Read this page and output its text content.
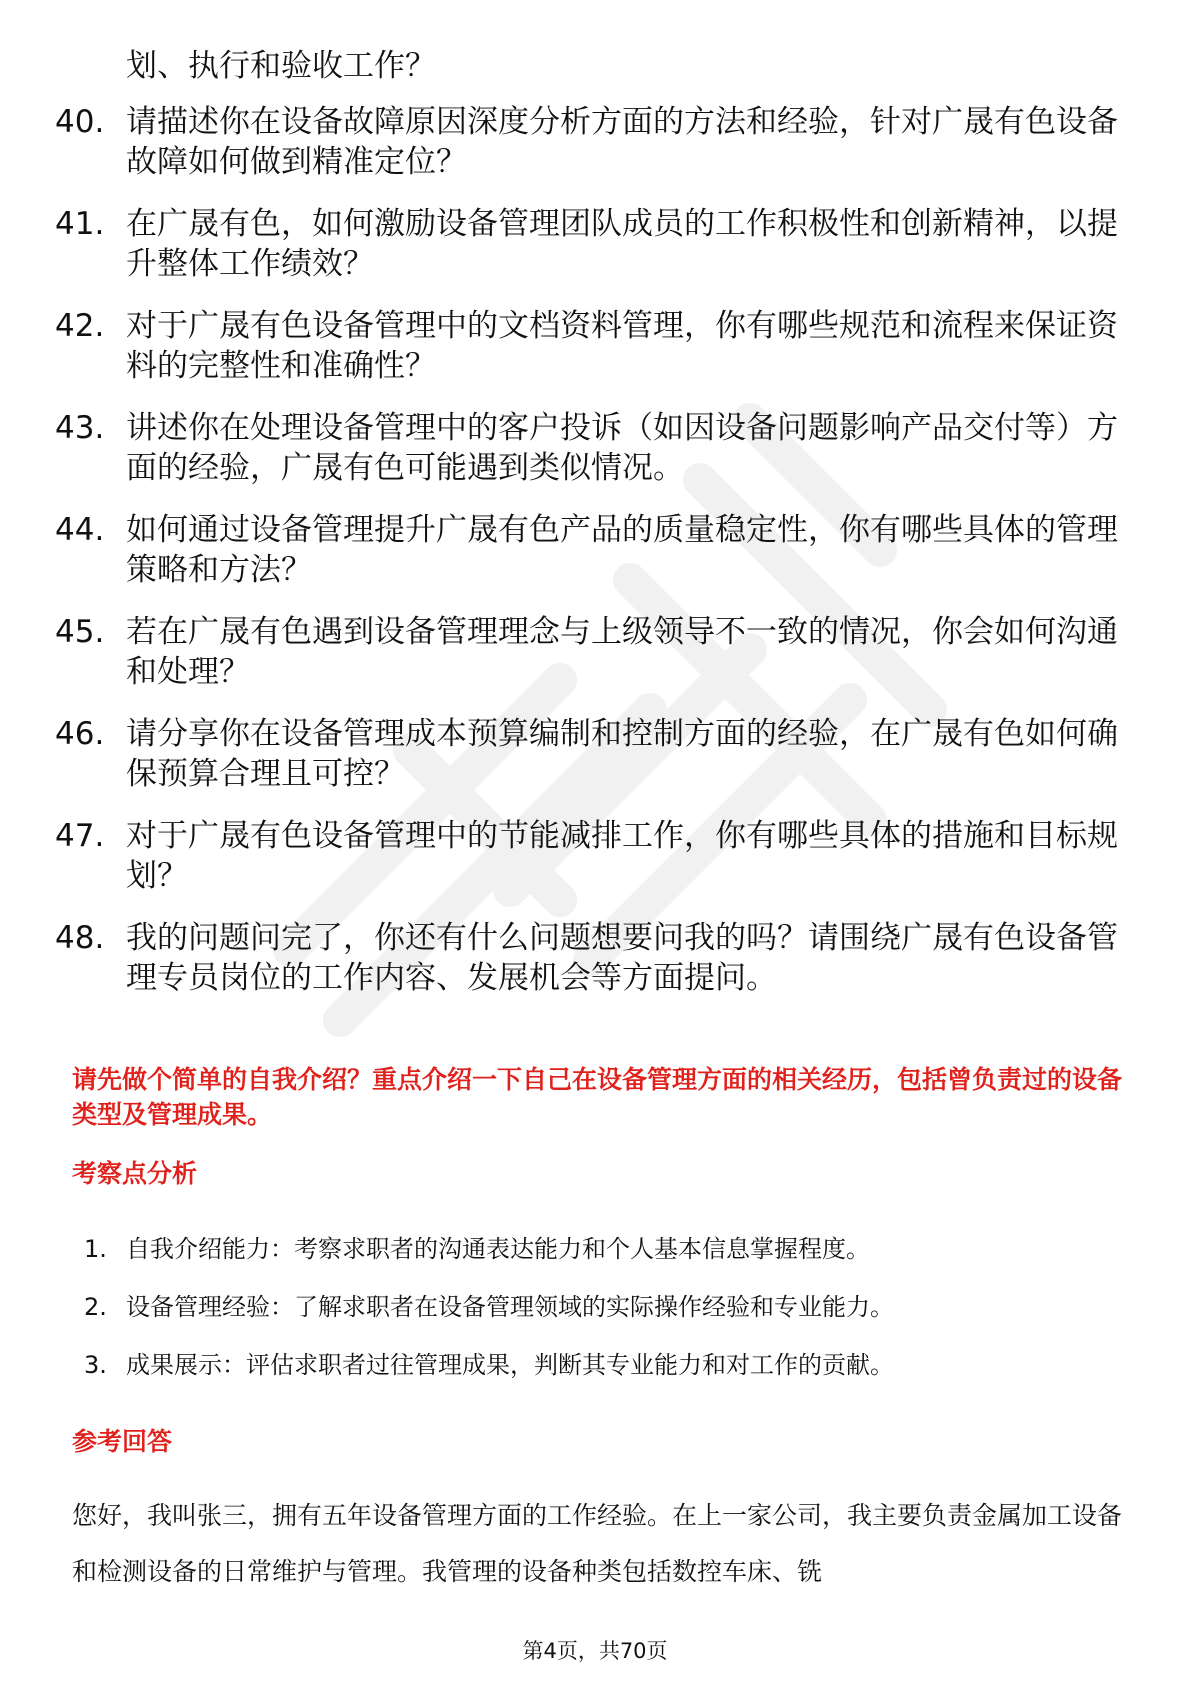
划、执行和验收工作？
40. 请描述你在设备故障原因深度分析方面的方法和经验，针对广晟有色设备故障如何做到精准定位？
41. 在广晟有色，如何激励设备管理团队成员的工作积极性和创新精神，以提升整体工作绩效？
42. 对于广晟有色设备管理中的文档资料管理，你有哪些规范和流程来保证资料的完整性和准确性？
43. 讲述你在处理设备管理中的客户投诉（如因设备问题影响产品交付等）方面的经验，广晟有色可能遇到类似情况。
44. 如何通过设备管理提升广晟有色产品的质量稳定性，你有哪些具体的管理策略和方法？
45. 若在广晟有色遇到设备管理理念与上级领导不一致的情况，你会如何沟通和处理？
46. 请分享你在设备管理成本预算编制和控制方面的经验，在广晟有色如何确保预算合理且可控？
47. 对于广晟有色设备管理中的节能减排工作，你有哪些具体的措施和目标规划？
48. 我的问题问完了，你还有什么问题想要问我的吗？请围绕广晟有色设备管理专员岗位的工作内容、发展机会等方面提问。

请先做个简单的自我介绍？重点介绍一下自己在设备管理方面的相关经历，包括曾负责过的设备类型及管理成果。

考察点分析
1. 自我介绍能力：考察求职者的沟通表达能力和个人基本信息掌握程度。
2. 设备管理经验：了解求职者在设备管理领域的实际操作经验和专业能力。
3. 成果展示：评估求职者过往管理成果，判断其专业能力和对工作的贡献。
参考回答

您好，我叫张三，拥有五年设备管理方面的工作经验。在上一家公司，我主要负责金属加工设备和检测设备的日常维护与管理。我管理的设备种类包括数控车床、铣

第4页，共70页
